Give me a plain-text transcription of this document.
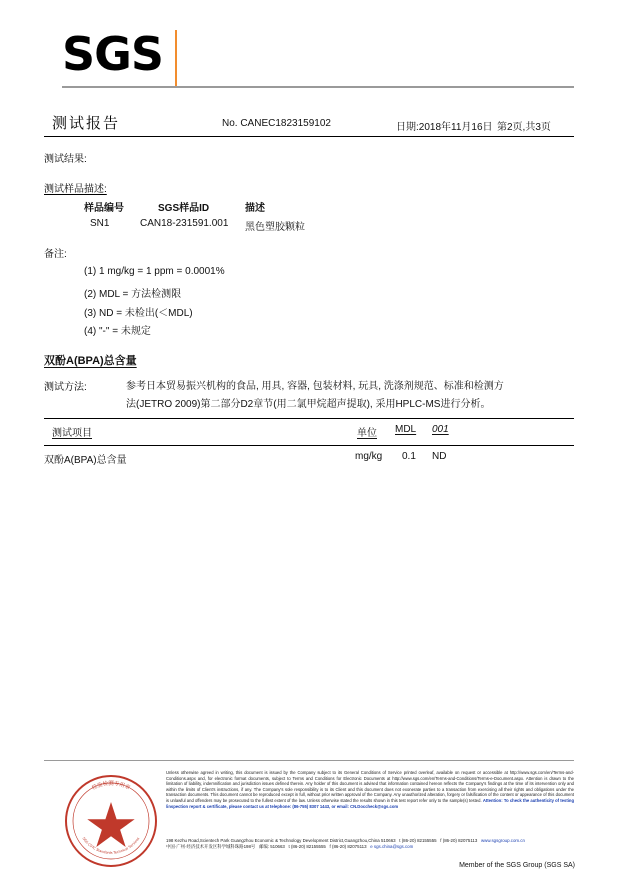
SGS
测试报告	No. CANEC1823159102	日期:2018年11月16日 第2页,共3页
测试结果:
测试样品描述:
样品编号	SGS样品ID	描述
SN1	CAN18-231591.001 黑色塑胶颗粒
备注:
(1) 1 mg/kg = 1 ppm = 0.0001%
(2) MDL = 方法检测限
(3) ND = 未检出(＜MDL)
(4) "-" = 未规定
双酚A(BPA)总含量
测试方法:	参考日本贸易振兴机构的食品, 用具, 容器, 包装材料, 玩具, 洗涤剂规范、标准和检测方
法(JETRO 2009)第二部分D2章节(用二氯甲烷超声提取), 采用HPLC-MS进行分析。
测试项目	单位 MDL 001
双酚A(BPA)总含量	mg/kg 0.1 ND
检验检测专用章
SGS-CSTC Standards Technical Services
Unless otherwise agreed in writing, this document is issued by the Company subject to its General Conditions of Service printed overleaf, available on request or accessible at http://www.sgs.com/en/Terms-and-Conditions.aspx and, for electronic format documents, subject to Terms and Conditions for Electronic Documents at http://www.sgs.com/en/Terms-and-Conditions/Terms-e-Document.aspx. Attention is drawn to the limitation of liability, indemnification and jurisdiction issues defined therein. Any holder of this document is advised that information contained hereon reflects the Company's findings at the time of its intervention only and within the limits of Client's instructions, if any. The Company's sole responsibility is to its Client and this document does not exonerate parties to a transaction from exercising all their rights and obligations under the transaction documents. This document cannot be reproduced except in full, without prior written approval of the Company. Any unauthorized alteration, forgery or falsification of the content or appearance of this document is unlawful and offenders may be prosecuted to the fullest extent of the law. Unless otherwise stated the results shown in this test report refer only to the sample(s) tested. Attention: To check the authenticity of testing /inspection report & certificate, please contact us at telephone: (86-755) 8307 1443, or email: CN.Doccheck@sgs.com
198 Kezhu Road,Scientech Park Guangzhou Economic & Technology Development District,Guangzhou,China 510663 t (86-20) 82155555 f (86-20) 82075113 www.sgsgroup.com.cn
中国·广州·经济技术开发区科学城科珠路198号 邮编: 510663 t (86-20) 82155555 f (86-20) 82075113 e sgs.china@sgs.com
Member of the SGS Group (SGS SA)
